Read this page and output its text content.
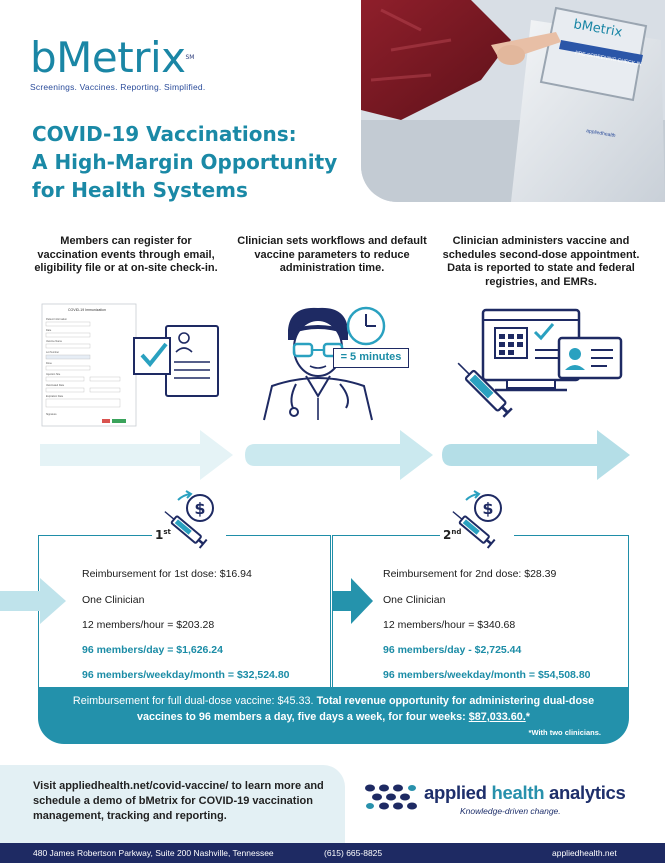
bMetrix℠
Screenings. Vaccines. Reporting. Simplified.
COVID-19 Vaccinations:
A High-Margin Opportunity
for Health Systems
bMetrix
PRE-SCREENING CHECK-IN
appliedhealth
Members can register for vaccination events through email, eligibility file or at on-site check-in.
Clinician sets workflows and default vaccine parameters to reduce administration time.
Clinician administers vaccine and schedules second-dose appointment. Data is reported to state and federal registries, and EMRs.
COVID-19 Immunization
Patient Information
Date
Vaccine Name
Lot Number
Dose
Injection Site
Vaccinated Date
Expiration Date
Signature
= 5 minutes
$
1st
$
2nd
Reimbursement for 1st dose: $16.94
One Clinician
12 members/hour = $203.28
96 members/day = $1,626.24
96 members/weekday/month = $32,524.80
Reimbursement for 2nd dose: $28.39
One Clinician
12 members/hour = $340.68
96 members/day - $2,725.44
96 members/weekday/month = $54,508.80
Reimbursement for full dual-dose vaccine: $45.33. Total revenue opportunity for administering dual-dose vaccines to 96 members a day, five days a week, for four weeks: $87,033.60.*
*With two clinicians.
Visit appliedhealth.net/covid-vaccine/ to learn more and schedule a demo of bMetrix for COVID-19 vaccination management, tracking and reporting.
applied health analytics
Knowledge-driven change.
480 James Robertson Parkway, Suite 200 Nashville, Tennessee	(615) 665-8825	appliedhealth.net
